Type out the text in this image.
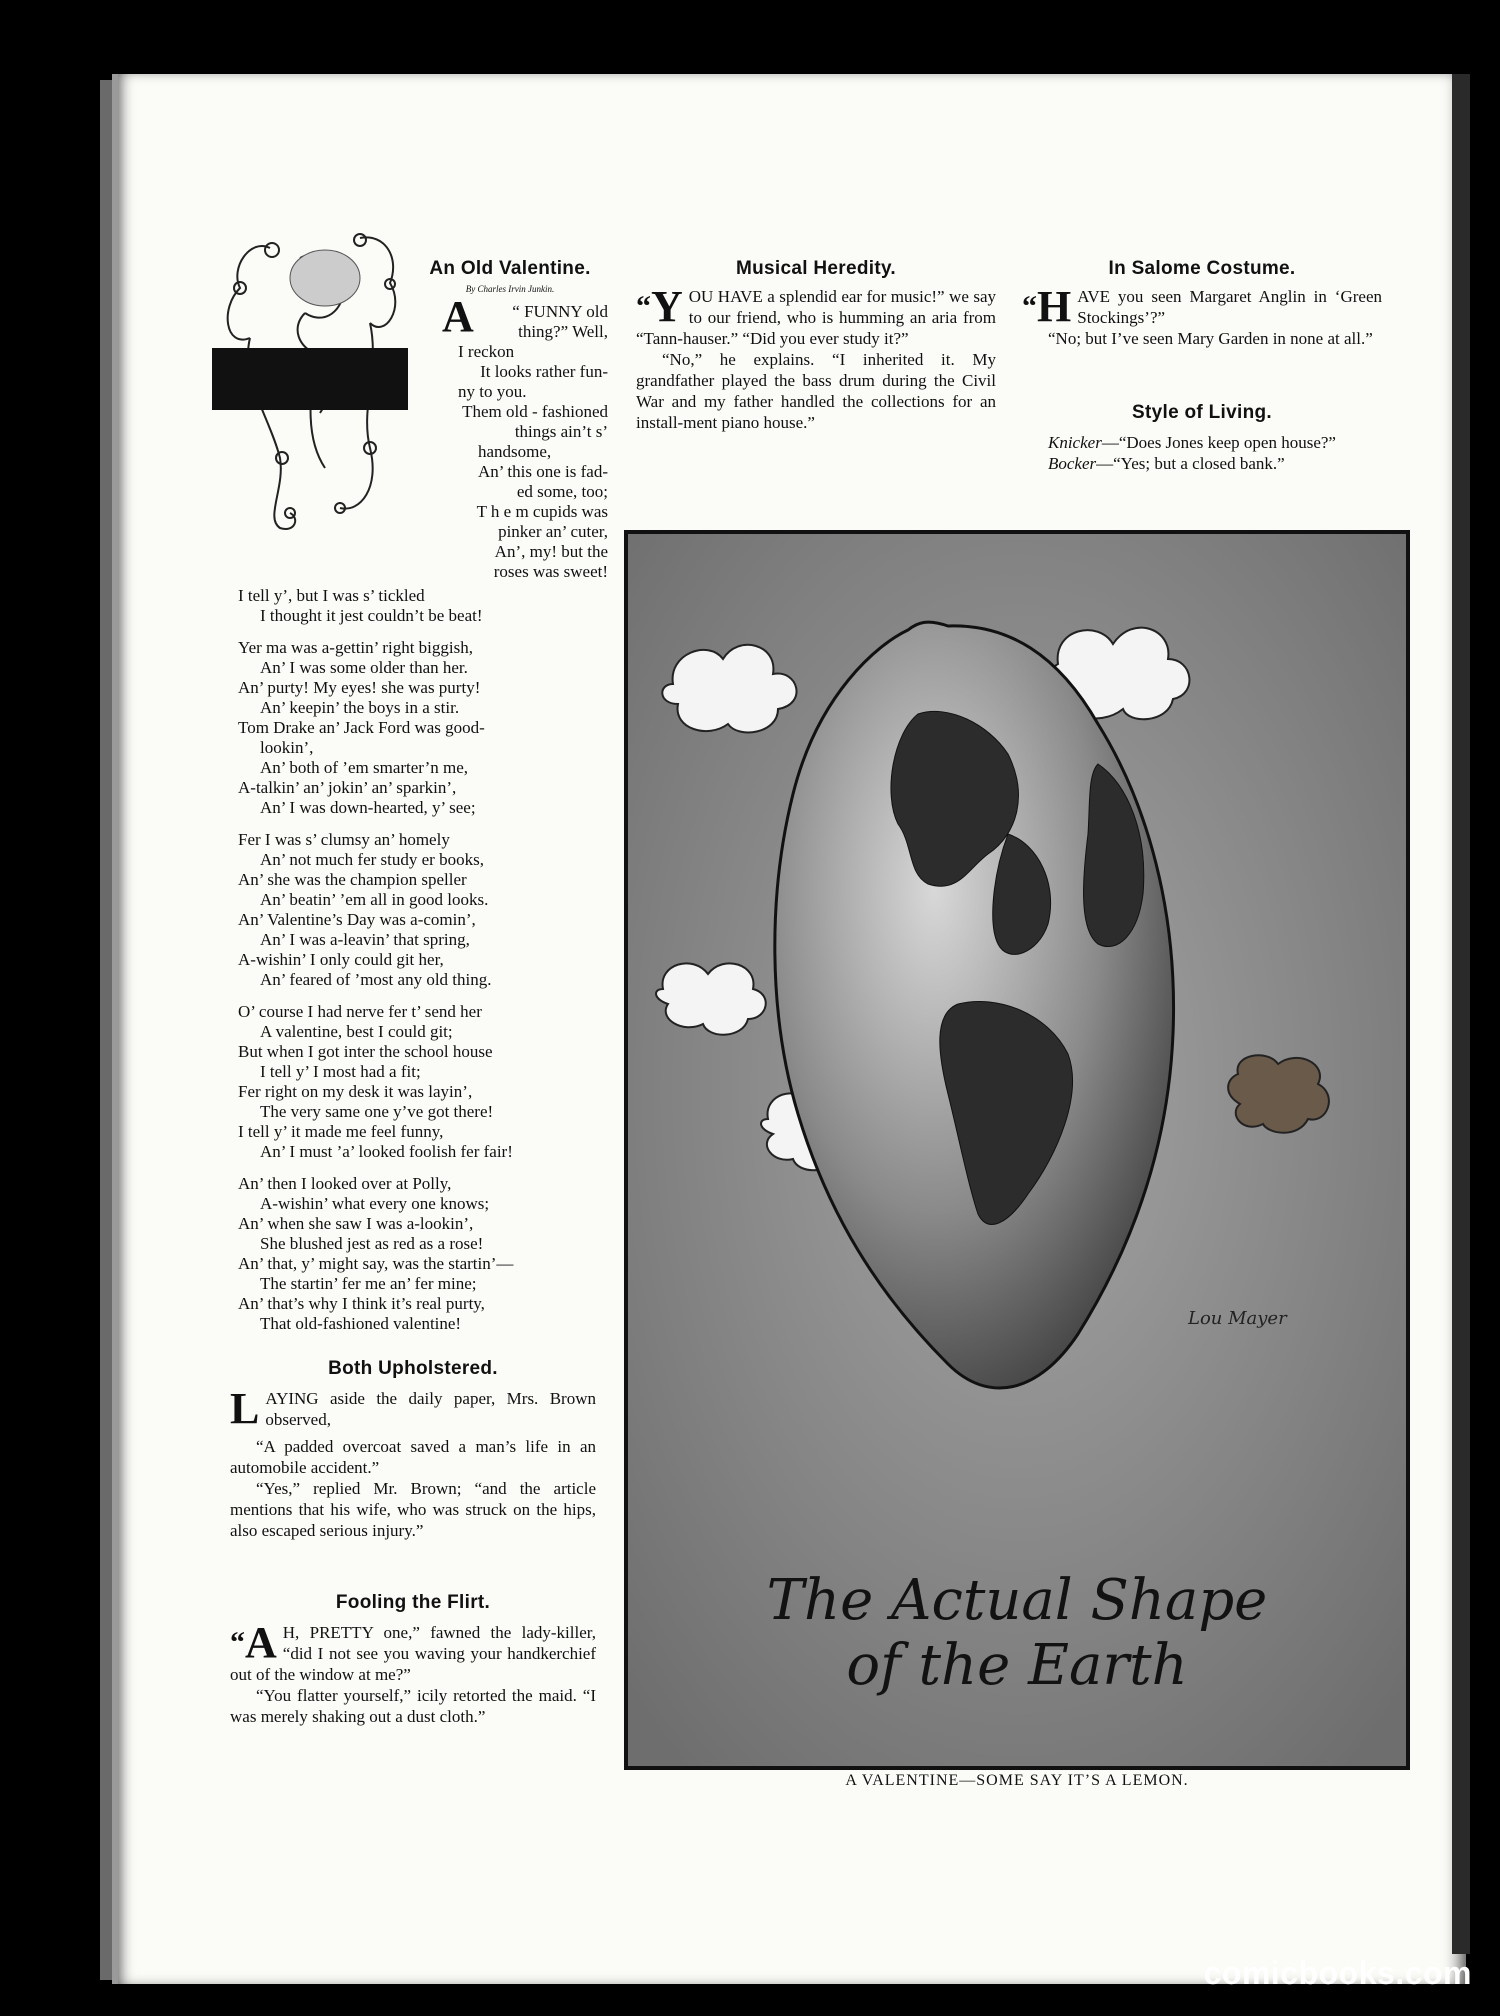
An Old Valentine.
By Charles Irvin Junkin.
“ FUNNY old
thing?” Well,
I reckon
It looks rather fun-
ny to you.
Them old - fashioned
things ain’t s’
handsome,
An’ this one is fad-
ed some, too;
T h e m cupids was
pinker an’ cuter,
An’, my! but the
roses was sweet!
A
I tell y’, but I was s’ tickled
I thought it jest couldn’t be beat!
Yer ma was a-gettin’ right biggish,
An’ I was some older than her.
An’ purty! My eyes! she was purty!
An’ keepin’ the boys in a stir.
Tom Drake an’ Jack Ford was good-
lookin’,
An’ both of ’em smarter’n me,
A-talkin’ an’ jokin’ an’ sparkin’,
An’ I was down-hearted, y’ see;
Fer I was s’ clumsy an’ homely
An’ not much fer study er books,
An’ she was the champion speller
An’ beatin’ ’em all in good looks.
An’ Valentine’s Day was a-comin’,
An’ I was a-leavin’ that spring,
A-wishin’ I only could git her,
An’ feared of ’most any old thing.
O’ course I had nerve fer t’ send her
A valentine, best I could git;
But when I got inter the school house
I tell y’ I most had a fit;
Fer right on my desk it was layin’,
The very same one y’ve got there!
I tell y’ it made me feel funny,
An’ I must ’a’ looked foolish fer fair!
An’ then I looked over at Polly,
A-wishin’ what every one knows;
An’ when she saw I was a-lookin’,
She blushed jest as red as a rose!
An’ that, y’ might say, was the startin’—
The startin’ fer me an’ fer mine;
An’ that’s why I think it’s real purty,
That old-fashioned valentine!
Both Upholstered.

LAYING aside the daily paper, Mrs. Brown observed,

“A padded overcoat saved a man’s life in an automobile accident.”

“Yes,” replied Mr. Brown; “and the article mentions that his wife, who was struck on the hips, also escaped serious injury.”

Fooling the Flirt.

“A H, PRETTY one,” fawned the lady-killer, “did I not see you waving your handkerchief out of the window at me?”

“You flatter yourself,” icily retorted the maid. “I was merely shaking out a dust cloth.”

Musical Heredity.

“Y OU HAVE a splendid ear for music!” we say to our friend, who is humming an aria from “Tann-hauser.” “Did you ever study it?”

“No,” he explains. “I inherited it. My grandfather played the bass drum during the Civil War and my father handled the collections for an install-ment piano house.”

In Salome Costume.

“H AVE you seen Margaret Anglin in ‘Green Stockings’?”

“No; but I’ve seen Mary Garden in none at all.”

Style of Living.

Knicker—“Does Jones keep open house?”

Bocker—“Yes; but a closed bank.”

The Actual Shape
of the Earth
Lou Mayer
A VALENTINE—SOME SAY IT’S A LEMON.
comicbooks.com
